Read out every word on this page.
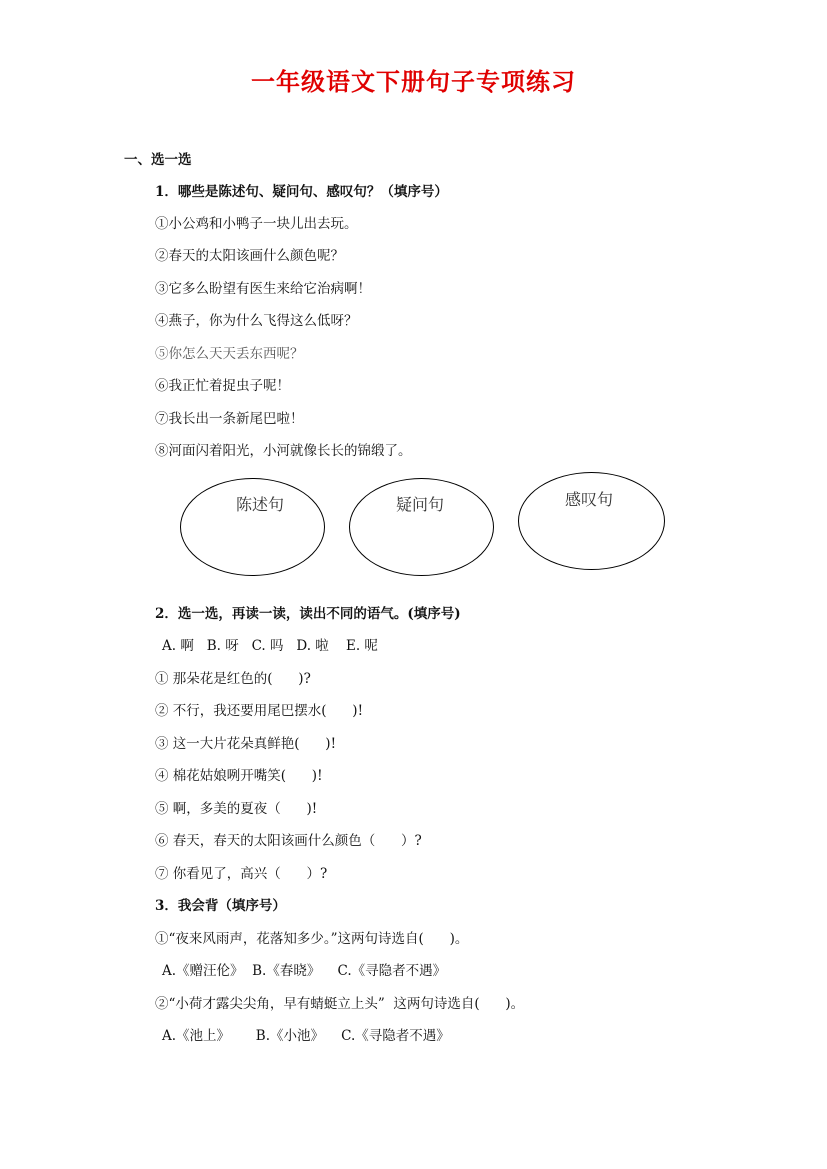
一年级语文下册句子专项练习
一、选一选
1．哪些是陈述句、疑问句、感叹句？（填序号）
①小公鸡和小鸭子一块儿出去玩。
②春天的太阳该画什么颜色呢？
③它多么盼望有医生来给它治病啊！
④燕子，你为什么飞得这么低呀？
⑤你怎么天天丢东西呢？
⑥我正忙着捉虫子呢！
⑦我长出一条新尾巴啦！
⑧河面闪着阳光，小河就像长长的锦缎了。
陈述句	疑问句	感叹句
2．选一选，再读一读，读出不同的语气。(填序号)
A. 啊   B. 呀   C. 吗   D. 啦    E. 呢
① 那朵花是红色的(      )?
② 不行，我还要用尾巴摆水(      )!
③ 这一大片花朵真鲜艳(      )!
④ 棉花姑娘咧开嘴笑(      )!
⑤ 啊，多美的夏夜（      )!
⑥ 春天，春天的太阳该画什么颜色（      ）?
⑦ 你看见了，高兴（      ）?
3．我会背（填序号）
①“夜来风雨声，花落知多少。”这两句诗选自(      )。
A.《赠汪伦》  B.《春晓》    C.《寻隐者不遇》
②“小荷才露尖尖角，早有蜻蜓立上头”  这两句诗选自(      )。
A.《池上》      B.《小池》    C.《寻隐者不遇》
